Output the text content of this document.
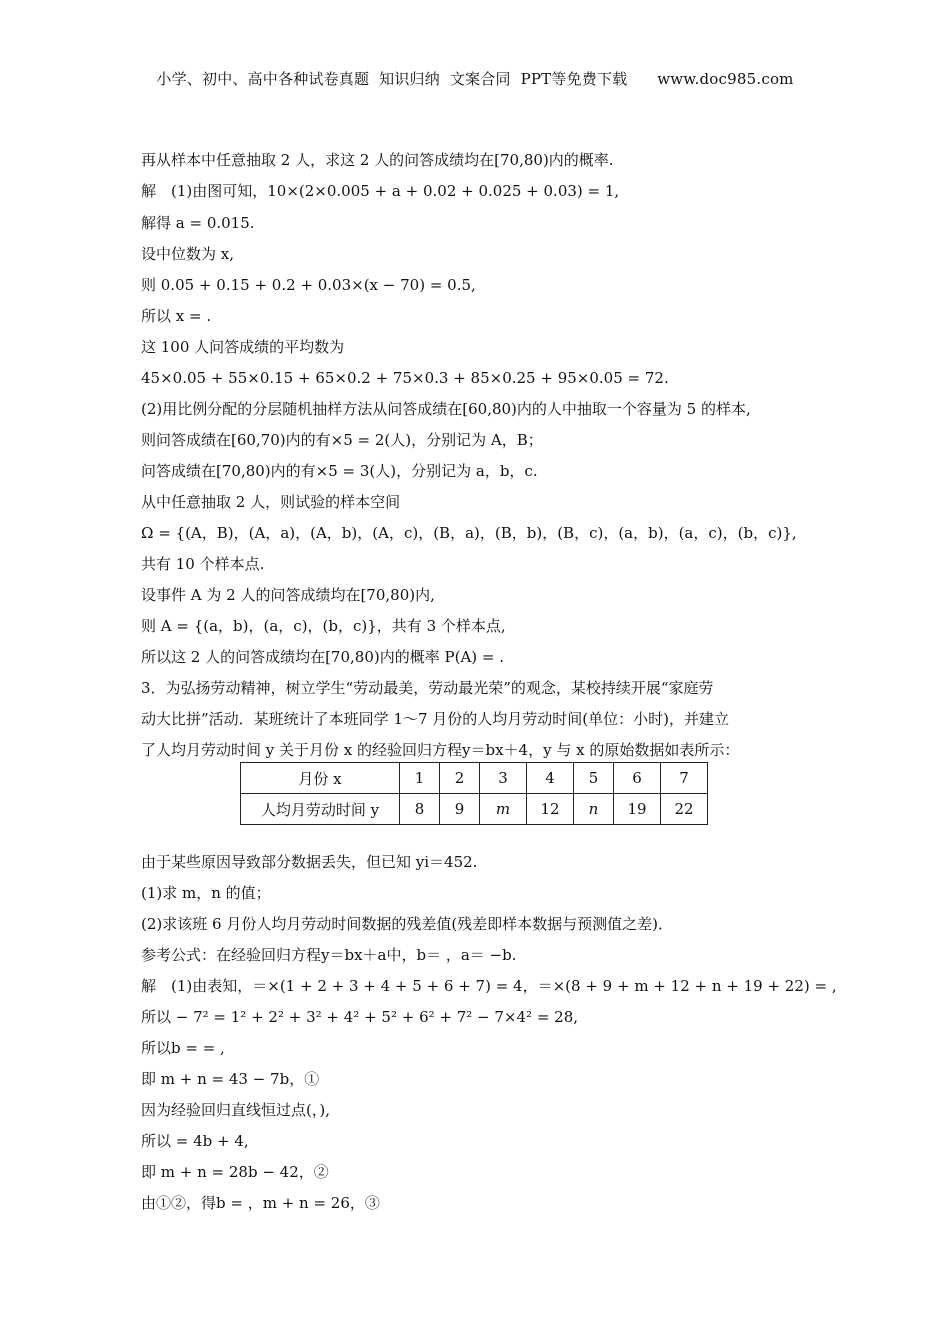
小学、初中、高中各种试卷真题  知识归纳  文案合同  PPT等免费下载      www.doc985.com
再从样本中任意抽取 2 人，求这 2 人的问答成绩均在[70,80)内的概率.
解　(1)由图可知，10×(2×0.005 + a + 0.02 + 0.025 + 0.03) = 1,
解得 a = 0.015.
设中位数为 x,
则 0.05 + 0.15 + 0.2 + 0.03×(x − 70) = 0.5,
所以 x = .
这 100 人问答成绩的平均数为
45×0.05 + 55×0.15 + 65×0.2 + 75×0.3 + 85×0.25 + 95×0.05 = 72.
(2)用比例分配的分层随机抽样方法从问答成绩在[60,80)内的人中抽取一个容量为 5 的样本,
则问答成绩在[60,70)内的有×5 = 2(人)，分别记为 A，B；
问答成绩在[70,80)内的有×5 = 3(人)，分别记为 a，b，c.
从中任意抽取 2 人，则试验的样本空间
Ω = {(A，B)，(A，a)，(A，b)，(A，c)，(B，a)，(B，b)，(B，c)，(a，b)，(a，c)，(b，c)},
共有 10 个样本点.
设事件 A 为 2 人的问答成绩均在[70,80)内,
则 A = {(a，b)，(a，c)，(b，c)}，共有 3 个样本点,
所以这 2 人的问答成绩均在[70,80)内的概率 P(A) = .
3．为弘扬劳动精神，树立学生“劳动最美，劳动最光荣”的观念，某校持续开展“家庭劳
动大比拼”活动．某班统计了本班同学 1～7 月份的人均月劳动时间(单位：小时)，并建立
了人均月劳动时间 y 关于月份 x 的经验回归方程y＝bx＋4，y 与 x 的原始数据如表所示：
月份 x	1	2	3	4	5	6	7
人均月劳动时间 y	8	9	m	12	n	19	22
由于某些原因导致部分数据丢失，但已知 yi＝452.
(1)求 m，n 的值；
(2)求该班 6 月份人均月劳动时间数据的残差值(残差即样本数据与预测值之差)．
参考公式：在经验回归方程y＝bx＋a中，b＝ ，a＝ −b.
解　(1)由表知，＝×(1 + 2 + 3 + 4 + 5 + 6 + 7) = 4，＝×(8 + 9 + m + 12 + n + 19 + 22) = ,
所以 − 7² = 1² + 2² + 3² + 4² + 5² + 6² + 7² − 7×4² = 28,
所以b = = ,
即 m + n = 43 − 7b，①
因为经验回归直线恒过点(，),
所以 = 4b + 4,
即 m + n = 28b − 42，②
由①②，得b = ，m + n = 26，③
